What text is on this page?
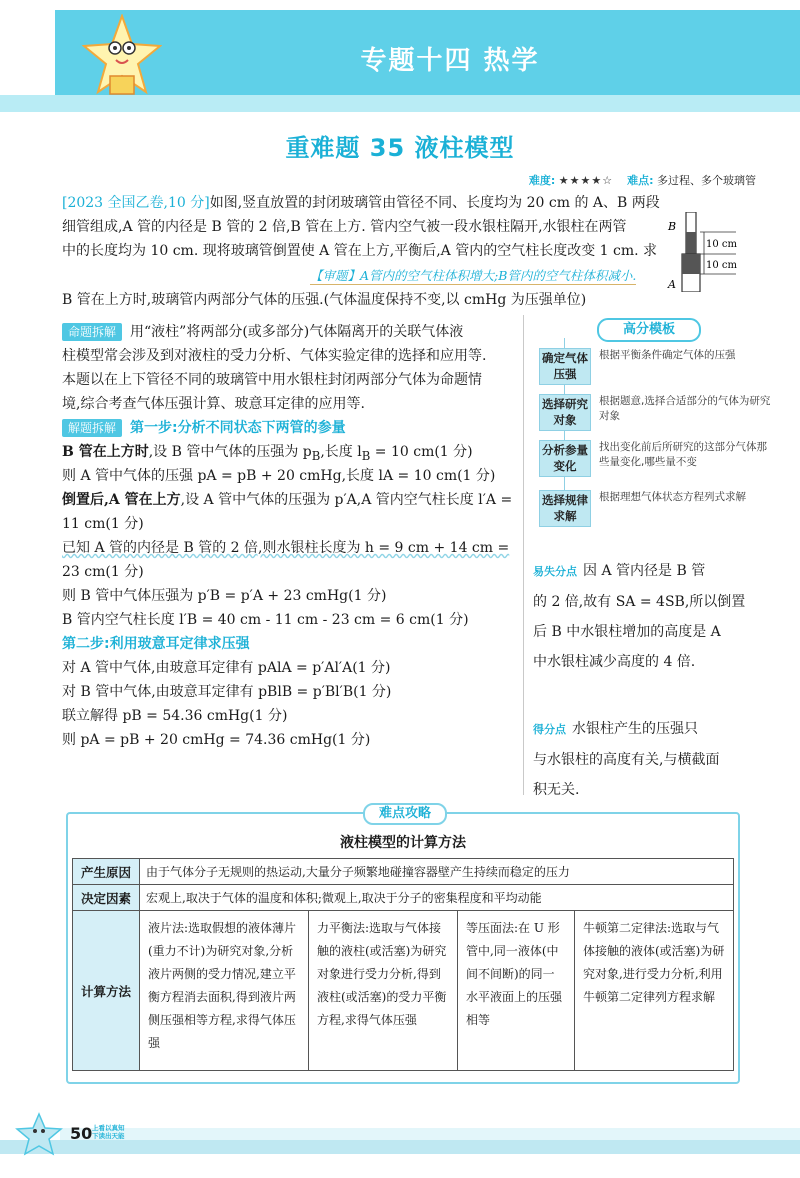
专题十四 热学
重难题 35 液柱模型
难度: ★★★★☆ 难点: 多过程、多个玻璃管
[2023 全国乙卷,10 分]如图,竖直放置的封闭玻璃管由管径不同、长度均为 20 cm 的 A、B 两段
细管组成,A 管的内径是 B 管的 2 倍,B 管在上方. 管内空气被一段水银柱隔开,水银柱在两管
中的长度均为 10 cm. 现将玻璃管倒置使 A 管在上方,平衡后,A 管内的空气柱长度改变 1 cm. 求
【审题】A管内的空气柱体积增大;B管内的空气柱体积减小.
B 管在上方时,玻璃管内两部分气体的压强.(气体温度保持不变,以 cmHg 为压强单位)
B
A
10 cm
10 cm
命题拆解 用“液柱”将两部分(或多部分)气体隔离开的关联气体液
柱模型常会涉及到对液柱的受力分析、气体实验定律的选择和应用等.
本题以在上下管径不同的玻璃管中用水银柱封闭两部分气体为命题情
境,综合考查气体压强计算、玻意耳定律的应用等.
解题拆解 第一步:分析不同状态下两管的参量
B 管在上方时,设 B 管中气体的压强为 $p_B$,长度 $l_B = 10$ cm(1 分)
则 A 管中气体的压强 pA = pB + 20 cmHg,长度 lA = 10 cm(1 分)
倒置后,A 管在上方,设 A 管中气体的压强为 p′A,A 管内空气柱长度 l′A =
11 cm(1 分)
已知 A 管的内径是 B 管的 2 倍,则水银柱长度为 h = 9 cm + 14 cm =
23 cm(1 分)
则 B 管中气体压强为 p′B = p′A + 23 cmHg(1 分)
B 管内空气柱长度 l′B = 40 cm - 11 cm - 23 cm = 6 cm(1 分)
第二步:利用玻意耳定律求压强
对 A 管中气体,由玻意耳定律有 pAlA = p′Al′A(1 分)
对 B 管中气体,由玻意耳定律有 pBlB = p′Bl′B(1 分)
联立解得 pB = 54.36 cmHg(1 分)
则 pA = pB + 20 cmHg = 74.36 cmHg(1 分)
高分模板
确定气体压强
根据平衡条件确定气体的压强
选择研究对象
根据题意,选择合适部分的气体为研究对象
分析参量变化
找出变化前后所研究的这部分气体那些量变化,哪些量不变
选择规律求解
根据理想气体状态方程列式求解
易失分点 因 A 管内径是 B 管
的 2 倍,故有 SA = 4SB,所以倒置
后 B 中水银柱增加的高度是 A
中水银柱减少高度的 4 倍.
得分点 水银柱产生的压强只
与水银柱的高度有关,与横截面
积无关.
难点攻略
液柱模型的计算方法
产生原因	由于气体分子无规则的热运动,大量分子频繁地碰撞容器壁产生持续而稳定的压力			
决定因素	宏观上,取决于气体的温度和体积;微观上,取决于分子的密集程度和平均动能			
计算方法	液片法:选取假想的液体薄片(重力不计)为研究对象,分析液片两侧的受力情况,建立平衡方程消去面积,得到液片两侧压强相等方程,求得气体压强	力平衡法:选取与气体接触的液柱(或活塞)为研究对象进行受力分析,得到液柱(或活塞)的受力平衡方程,求得气体压强	等压面法:在 U 形管中,同一液体(中间不间断)的同一水平液面上的压强相等	牛顿第二定律法:选取与气体接触的液体(或活塞)为研究对象,进行受力分析,利用牛顿第二定律列方程求解
50 上看以真知
下读出天能
